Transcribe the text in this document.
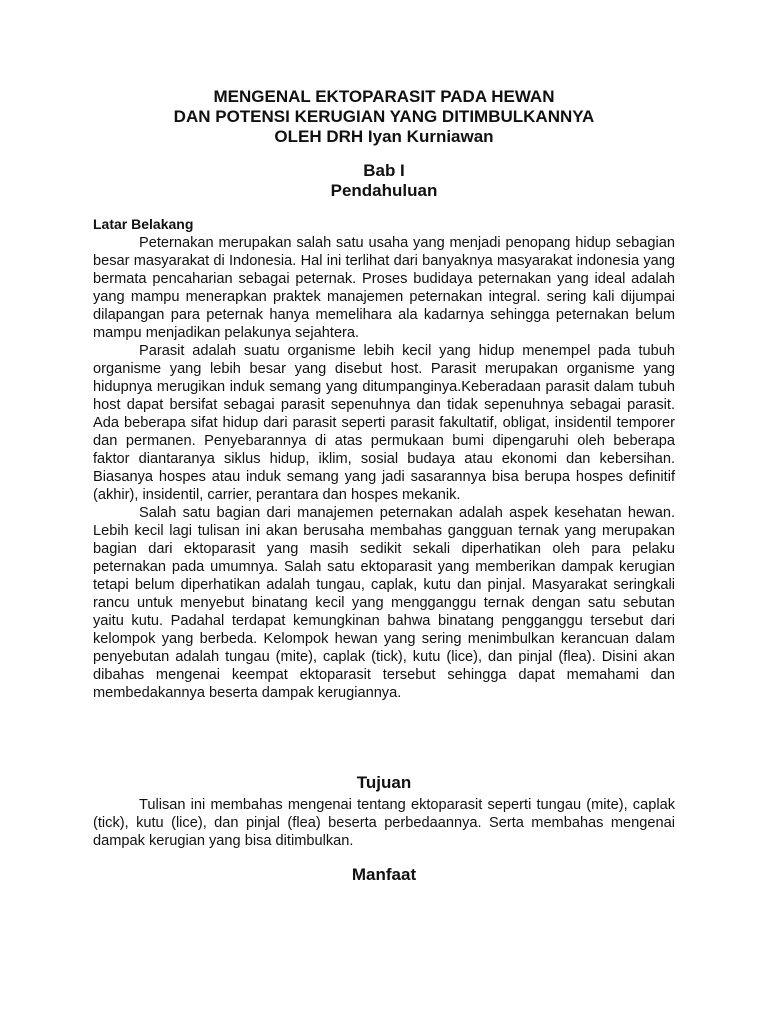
MENGENAL EKTOPARASIT PADA HEWAN
DAN POTENSI KERUGIAN YANG DITIMBULKANNYA
OLEH DRH Iyan Kurniawan
Bab I
Pendahuluan
Latar Belakang

Peternakan merupakan salah satu usaha yang menjadi penopang hidup sebagian besar masyarakat di Indonesia. Hal ini terlihat dari banyaknya masyarakat indonesia yang bermata pencaharian sebagai peternak. Proses budidaya peternakan yang ideal adalah yang mampu menerapkan praktek manajemen peternakan integral. sering kali dijumpai dilapangan para peternak hanya memelihara ala kadarnya sehingga peternakan belum mampu menjadikan pelakunya sejahtera.

Parasit adalah suatu organisme lebih kecil yang hidup menempel pada tubuh organisme yang lebih besar yang disebut host. Parasit merupakan organisme yang hidupnya merugikan induk semang yang ditumpanginya.Keberadaan parasit dalam tubuh host dapat bersifat sebagai parasit sepenuhnya dan tidak sepenuhnya sebagai parasit. Ada beberapa sifat hidup dari parasit seperti parasit fakultatif, obligat, insidentil temporer dan permanen. Penyebarannya di atas permukaan bumi dipengaruhi oleh beberapa faktor diantaranya siklus hidup, iklim, sosial budaya atau ekonomi dan kebersihan. Biasanya hospes atau induk semang yang jadi sasarannya bisa berupa hospes definitif (akhir), insidentil, carrier, perantara dan hospes mekanik.

Salah satu bagian dari manajemen peternakan adalah aspek kesehatan hewan. Lebih kecil lagi tulisan ini akan berusaha membahas gangguan ternak yang merupakan bagian dari ektoparasit yang masih sedikit sekali diperhatikan oleh para pelaku peternakan pada umumnya. Salah satu ektoparasit yang memberikan dampak kerugian tetapi belum diperhatikan adalah tungau, caplak, kutu dan pinjal. Masyarakat seringkali rancu untuk menyebut binatang kecil yang mengganggu ternak dengan satu sebutan yaitu kutu. Padahal terdapat kemungkinan bahwa binatang pengganggu tersebut dari kelompok yang berbeda. Kelompok hewan yang sering menimbulkan kerancuan dalam penyebutan adalah tungau (mite), caplak (tick), kutu (lice), dan pinjal (flea). Disini akan dibahas mengenai keempat ektoparasit tersebut sehingga dapat memahami dan membedakannya beserta dampak kerugiannya.

Tujuan

Tulisan ini membahas mengenai tentang ektoparasit seperti tungau (mite), caplak (tick), kutu (lice), dan pinjal (flea) beserta perbedaannya. Serta membahas mengenai dampak kerugian yang bisa ditimbulkan.

Manfaat
